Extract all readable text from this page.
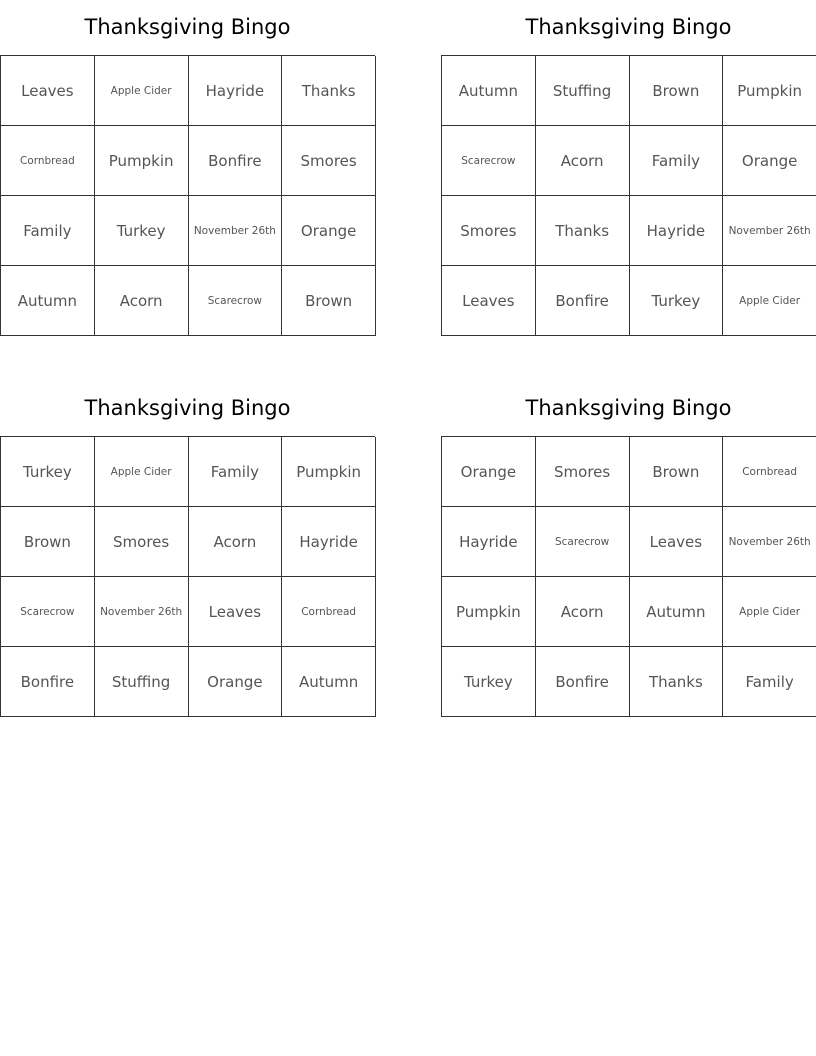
Thanksgiving Bingo
Leaves	Apple Cider	Hayride	Thanks
Cornbread	Pumpkin	Bonfire	Smores
Family	Turkey	November 26th	Orange
Autumn	Acorn	Scarecrow	Brown
Thanksgiving Bingo
Autumn	Stuffing	Brown	Pumpkin
Scarecrow	Acorn	Family	Orange
Smores	Thanks	Hayride	November 26th
Leaves	Bonfire	Turkey	Apple Cider
Thanksgiving Bingo
Turkey	Apple Cider	Family	Pumpkin
Brown	Smores	Acorn	Hayride
Scarecrow	November 26th	Leaves	Cornbread
Bonfire	Stuffing	Orange	Autumn
Thanksgiving Bingo
Orange	Smores	Brown	Cornbread
Hayride	Scarecrow	Leaves	November 26th
Pumpkin	Acorn	Autumn	Apple Cider
Turkey	Bonfire	Thanks	Family
